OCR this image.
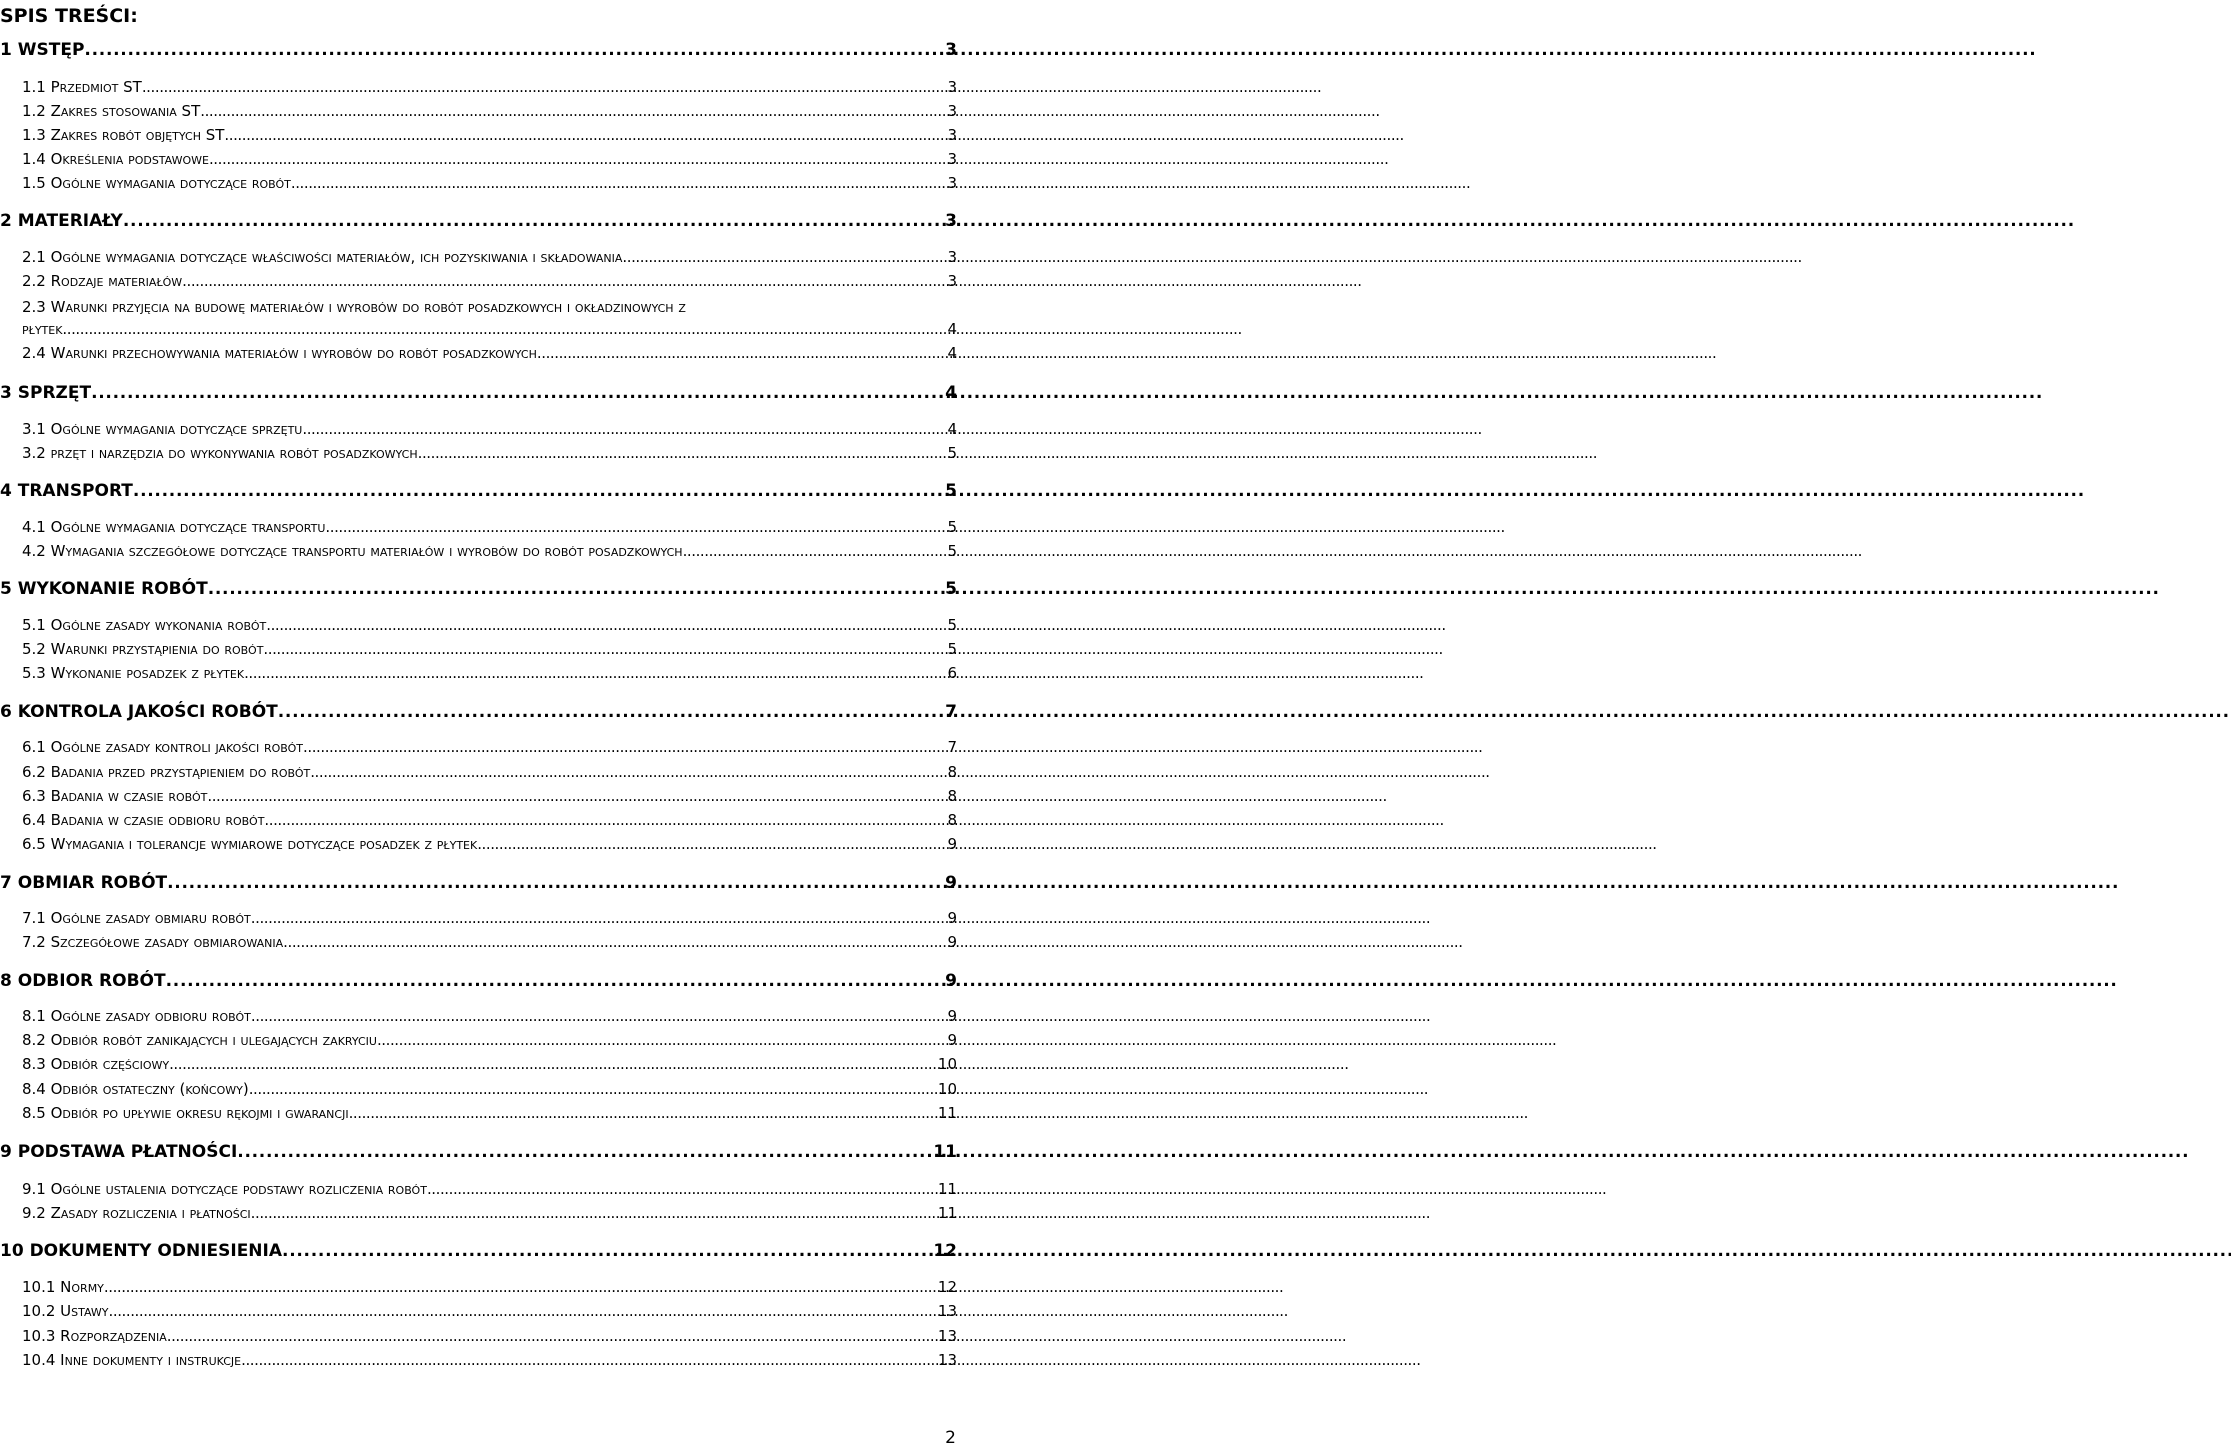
SPIS TREŚCI:
1 WSTĘP . . .	3
1.1 Przedmiot ST . . .	3
1.2 Zakres stosowania ST . . .	3
1.3 Zakres robót objętych ST . . .	3
1.4 Określenia podstawowe . . .	3
1.5 Ogólne wymagania dotyczące robót . . .	3
2 MATERIAŁY . . .	3
2.1 Ogólne wymagania dotyczące właściwości materiałów, ich pozyskiwania i składowania . . .	3
2.2 Rodzaje materiałów . . .	3
2.3 Warunki przyjęcia na budowę materiałów i wyrobów do robót posadzkowych i okładzinowych z
płytek . . .	4
2.4 Warunki przechowywania materiałów i wyrobów do robót posadzkowych . . .	4
3 SPRZĘT . . .	4
3.1 Ogólne wymagania dotyczące sprzętu . . .	4
3.2 przęt i narzędzia do wykonywania robót posadzkowych . . .	5
4 TRANSPORT . . .	5
4.1 Ogólne wymagania dotyczące transportu . . .	5
4.2 Wymagania szczegółowe dotyczące transportu materiałów i wyrobów do robót posadzkowych . . .	5
5 WYKONANIE ROBÓT . . .	5
5.1 Ogólne zasady wykonania robót . . .	5
5.2 Warunki przystąpienia do robót . . .	5
5.3 Wykonanie posadzek z płytek . . .	6
6 KONTROLA JAKOŚCI ROBÓT . . .	7
6.1 Ogólne zasady kontroli jakości robót . . .	7
6.2 Badania przed przystąpieniem do robót . . .	8
6.3 Badania w czasie robót . . .	8
6.4 Badania w czasie odbioru robót . . .	8
6.5 Wymagania i tolerancje wymiarowe dotyczące posadzek z płytek . . .	9
7 OBMIAR ROBÓT . . .	9
7.1 Ogólne zasady obmiaru robót . . .	9
7.2 Szczegółowe zasady obmiarowania . . .	9
8 ODBIOR ROBÓT . . .	9
8.1 Ogólne zasady odbioru robót . . .	9
8.2 Odbiór robót zanikających i ulegających zakryciu . . .	9
8.3 Odbiór częściowy . . .	10
8.4 Odbiór ostateczny (końcowy) . . .	10
8.5 Odbiór po upływie okresu rękojmi i gwarancji . . .	11
9 PODSTAWA PŁATNOŚCI . . .	11
9.1 Ogólne ustalenia dotyczące podstawy rozliczenia robót . . .	11
9.2 Zasady rozliczenia i płatności . . .	11
10 DOKUMENTY ODNIESIENIA . . .	12
10.1 Normy . . .	12
10.2 Ustawy . . .	13
10.3 Rozporządzenia . . .	13
10.4 Inne dokumenty i instrukcje . . .	13
2
